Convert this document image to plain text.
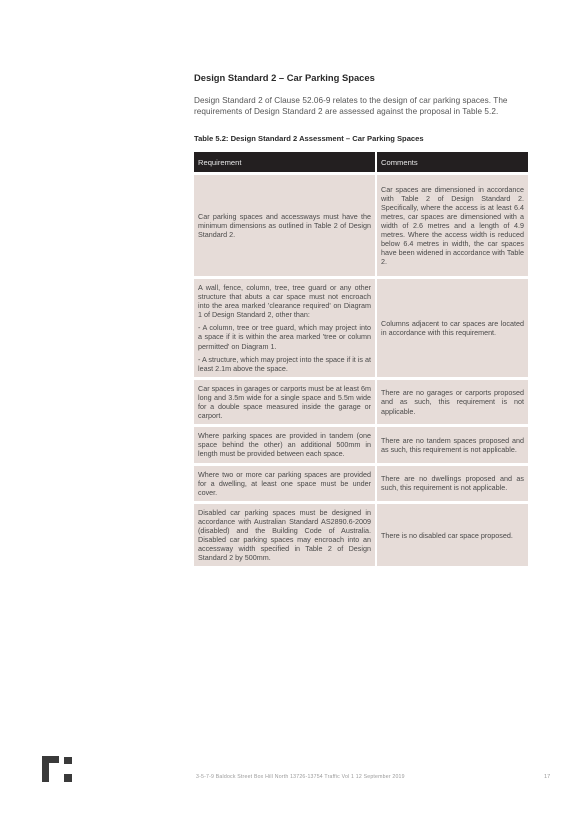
Design Standard 2 – Car Parking Spaces
Design Standard 2 of Clause 52.06-9 relates to the design of car parking spaces. The requirements of Design Standard 2 are assessed against the proposal in Table 5.2.
Table 5.2: Design Standard 2 Assessment – Car Parking Spaces
Requirement	Comments

Car parking spaces and accessways must have the minimum dimensions as outlined in Table 2 of Design Standard 2.	Car spaces are dimensioned in accordance with Table 2 of Design Standard 2. Specifically, where the access is at least 6.4 metres, car spaces are dimensioned with a width of 2.6 metres and a length of 4.9 metres. Where the access width is reduced below 6.4 metres in width, the car spaces have been widened in accordance with Table 2.

A wall, fence, column, tree, tree guard or any other structure that abuts a car space must not encroach into the area marked 'clearance required' on Diagram 1 of Design Standard 2, other than:

- A column, tree or tree guard, which may project into a space if it is within the area marked 'tree or column permitted' on Diagram 1.

- A structure, which may project into the space if it is at least 2.1m above the space.	Columns adjacent to car spaces are located in accordance with this requirement.

Car spaces in garages or carports must be at least 6m long and 3.5m wide for a single space and 5.5m wide for a double space measured inside the garage or carport.	There are no garages or carports proposed and as such, this requirement is not applicable.

Where parking spaces are provided in tandem (one space behind the other) an additional 500mm in length must be provided between each space.	There are no tandem spaces proposed and as such, this requirement is not applicable.

Where two or more car parking spaces are provided for a dwelling, at least one space must be under cover.	There are no dwellings proposed and as such, this requirement is not applicable.

Disabled car parking spaces must be designed in accordance with Australian Standard AS2890.6-2009 (disabled) and the Building Code of Australia. Disabled car parking spaces may encroach into an accessway width specified in Table 2 of Design Standard 2 by 500mm.	There is no disabled car space proposed.
3-5-7-9 Baldock Street Box Hill North 13726-13754 Traffic Vol 1 12 September 2019	17
